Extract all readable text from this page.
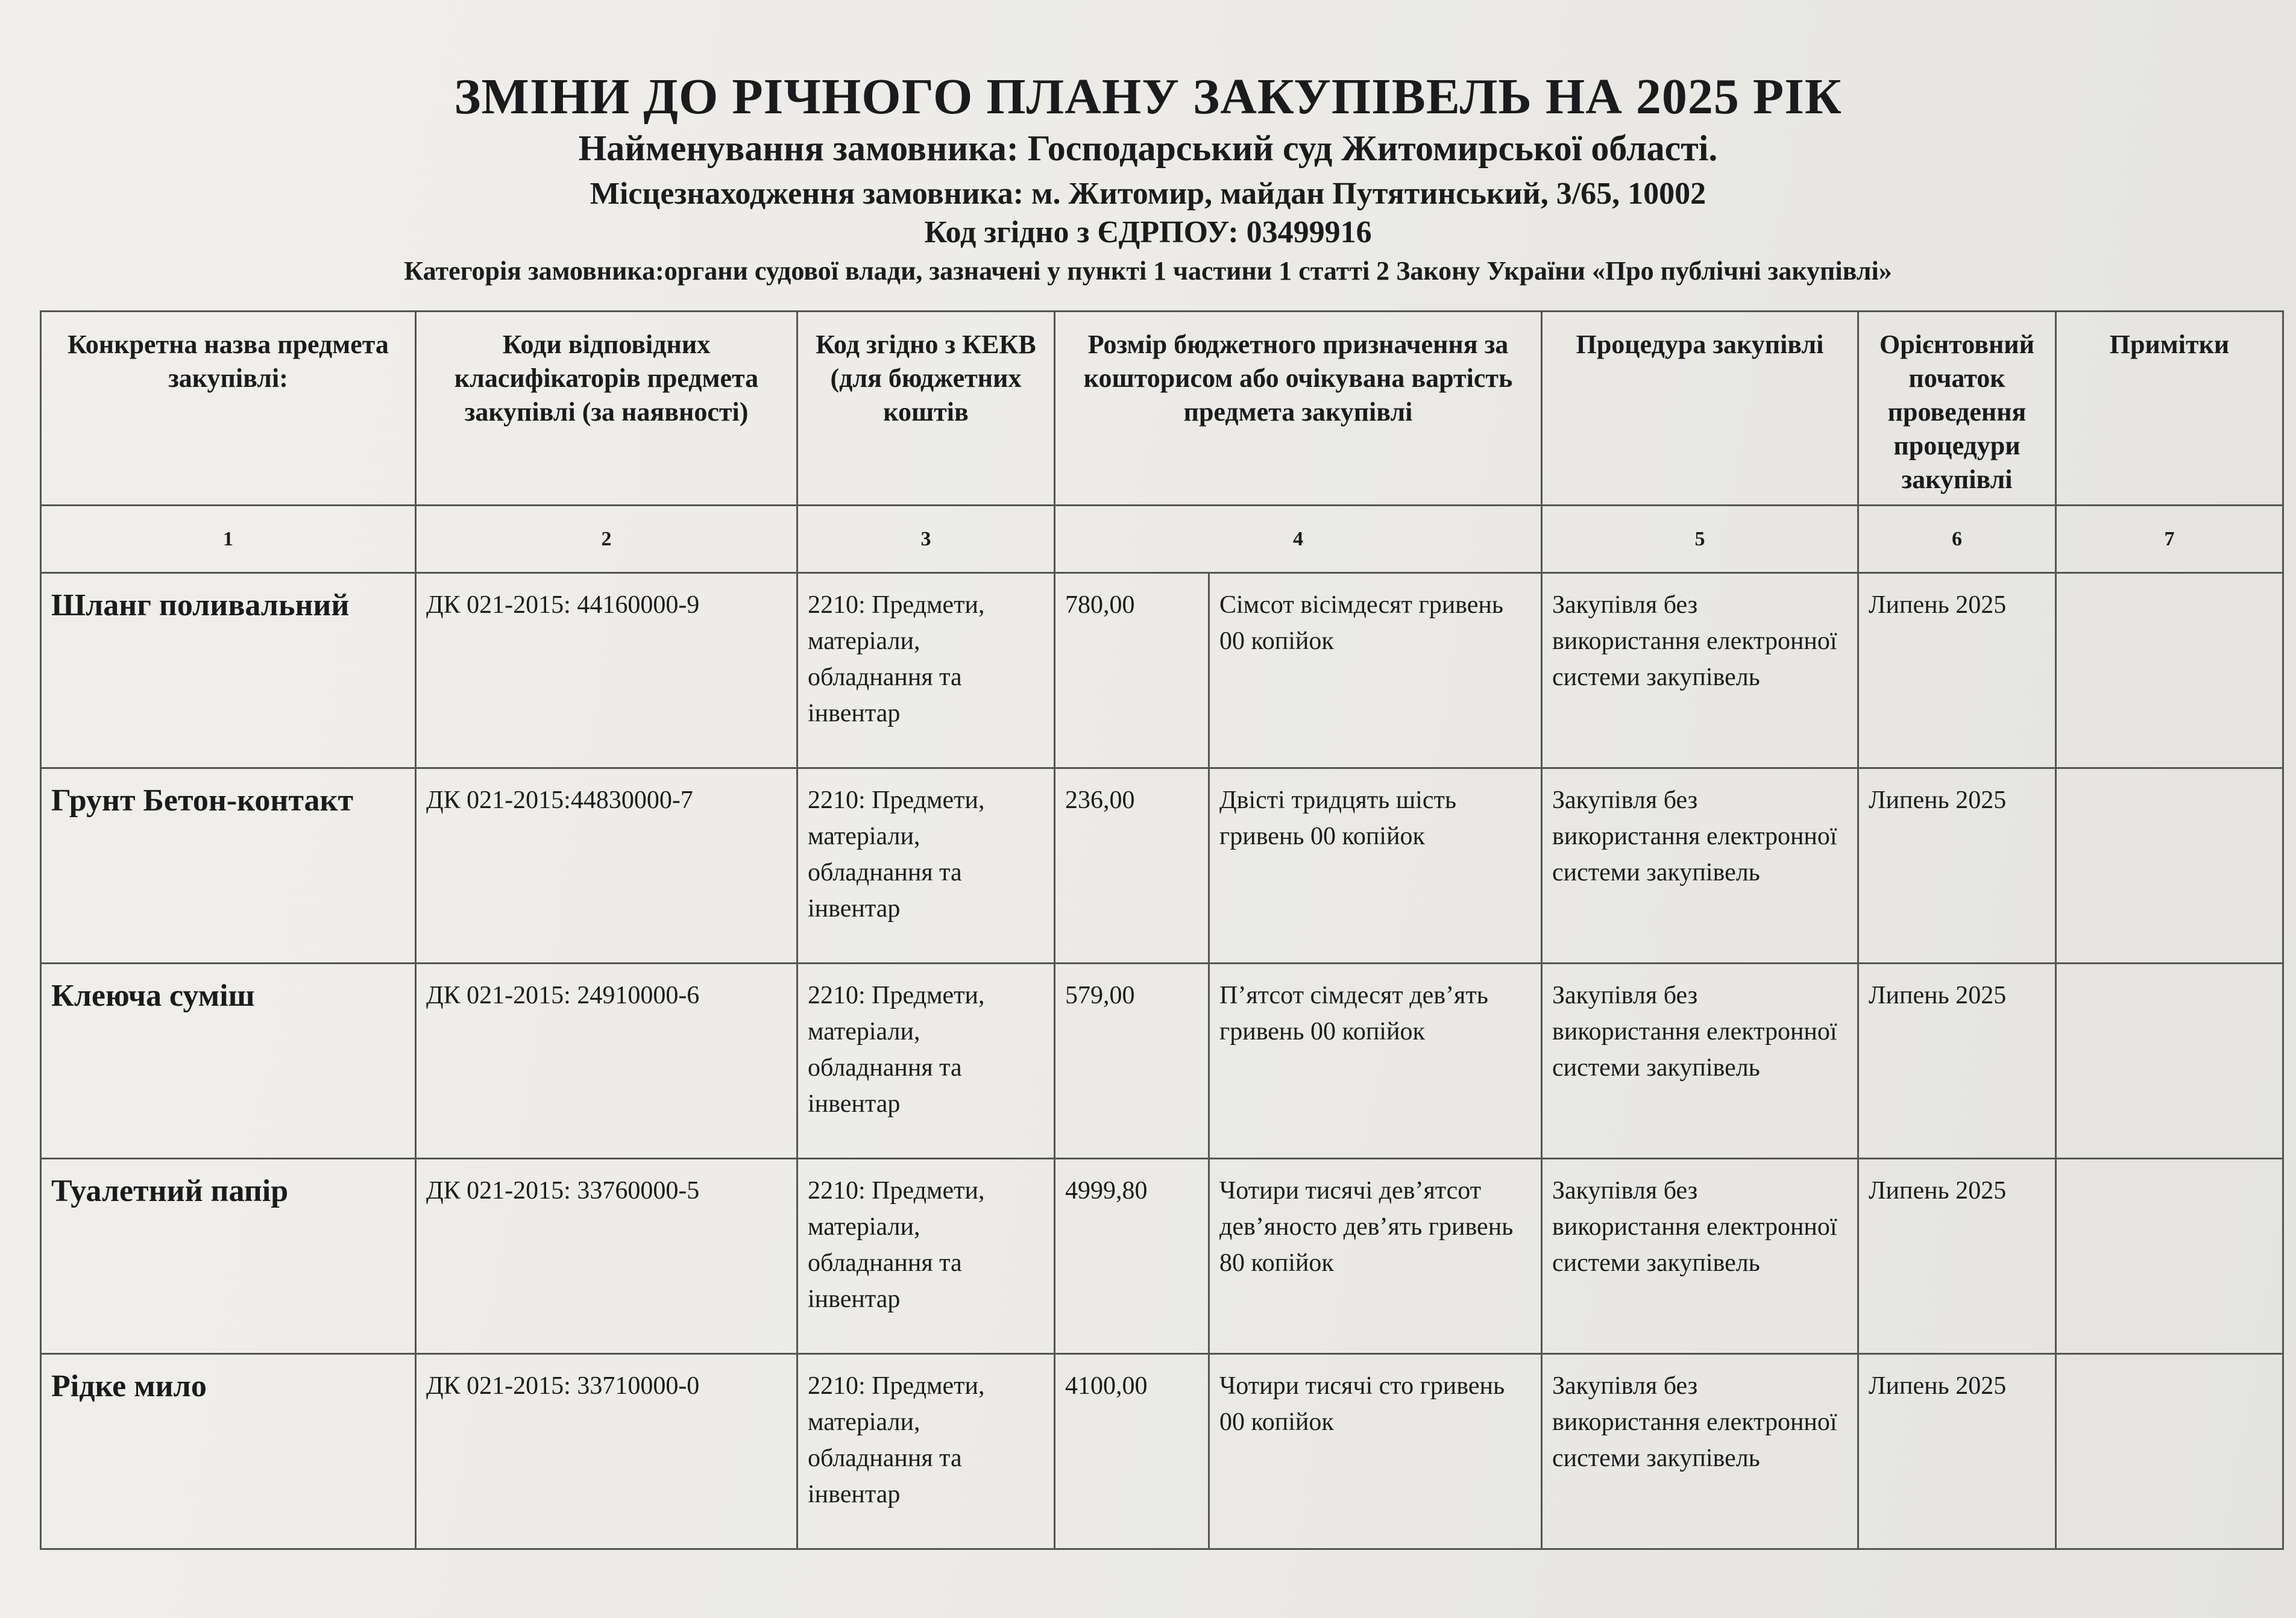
ЗМІНИ ДО РІЧНОГО ПЛАНУ ЗАКУПІВЕЛЬ НА 2025 РІК
Найменування замовника: Господарський суд Житомирської області.
Місцезнаходження замовника: м. Житомир, майдан Путятинський, 3/65, 10002
Код згідно з ЄДРПОУ: 03499916
Категорія замовника:органи судової влади, зазначені у пункті 1 частини 1 статті 2 Закону України «Про публічні закупівлі»
Конкретна назва предмета закупівлі:	Коди відповідних класифікаторів предмета закупівлі (за наявності)	Код згідно з КЕКВ (для бюджетних коштів	Розмір бюджетного призначення за кошторисом або очікувана вартість предмета закупівлі		Процедура закупівлі	Орієнтовний початок проведення процедури закупівлі	Примітки
1	2	3	4		5	6	7
Шланг поливальний	ДК 021-2015: 44160000-9	2210: Предмети, матеріали, обладнання та інвентар	780,00	Сімсот вісімдесят гривень 00 копійок	Закупівля без використання електронної системи закупівель	Липень 2025	
Грунт Бетон-контакт	ДК 021-2015:44830000-7	2210: Предмети, матеріали, обладнання та інвентар	236,00	Двісті тридцять шість гривень 00 копійок	Закупівля без використання електронної системи закупівель	Липень 2025	
Клеюча суміш	ДК 021-2015: 24910000-6	2210: Предмети, матеріали, обладнання та інвентар	579,00	П’ятсот сімдесят дев’ять гривень 00 копійок	Закупівля без використання електронної системи закупівель	Липень 2025	
Туалетний папір	ДК 021-2015: 33760000-5	2210: Предмети, матеріали, обладнання та інвентар	4999,80	Чотири тисячі дев’ятсот дев’яносто дев’ять гривень 80 копійок	Закупівля без використання електронної системи закупівель	Липень 2025	
Рідке мило	ДК 021-2015: 33710000-0	2210: Предмети, матеріали, обладнання та інвентар	4100,00	Чотири тисячі сто гривень 00 копійок	Закупівля без використання електронної системи закупівель	Липень 2025	
